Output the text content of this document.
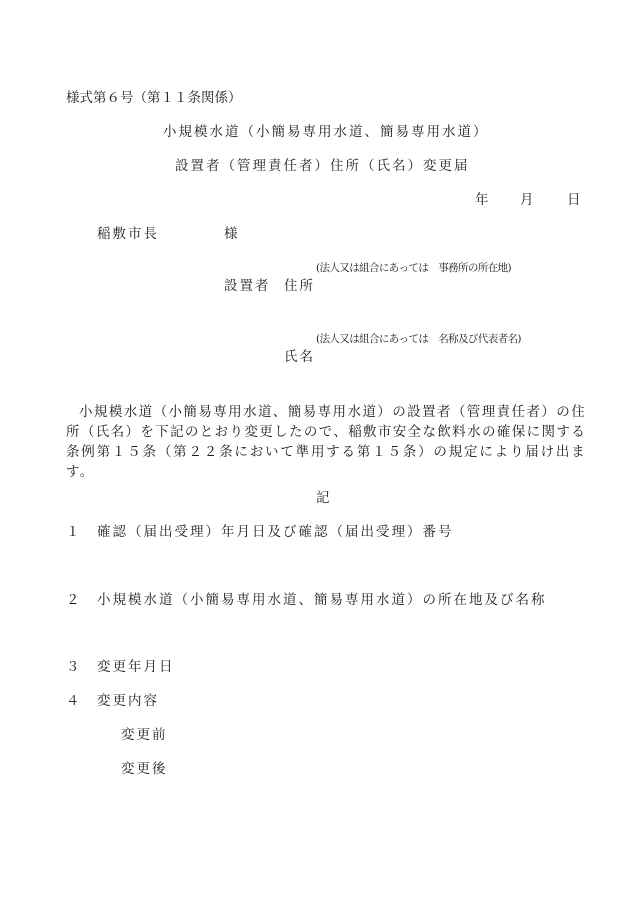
様式第６号（第１１条関係）
小規模水道（小簡易専用水道、簡易専用水道）
設置者（管理責任者）住所（氏名）変更届
年 月 日
稲敷市長	様
(法人又は組合にあっては　事務所の所在地)
設置者 住所
(法人又は組合にあっては　名称及び代表者名)
氏名
小規模水道（小簡易専用水道、簡易専用水道）の設置者（管理責任者）の住所（氏名）を下記のとおり変更したので、稲敷市安全な飲料水の確保に関する条例第１５条（第２２条において準用する第１５条）の規定により届け出ます。
記
１ 確認（届出受理）年月日及び確認（届出受理）番号
２ 小規模水道（小簡易専用水道、簡易専用水道）の所在地及び名称
３ 変更年月日
４ 変更内容
変更前
変更後
